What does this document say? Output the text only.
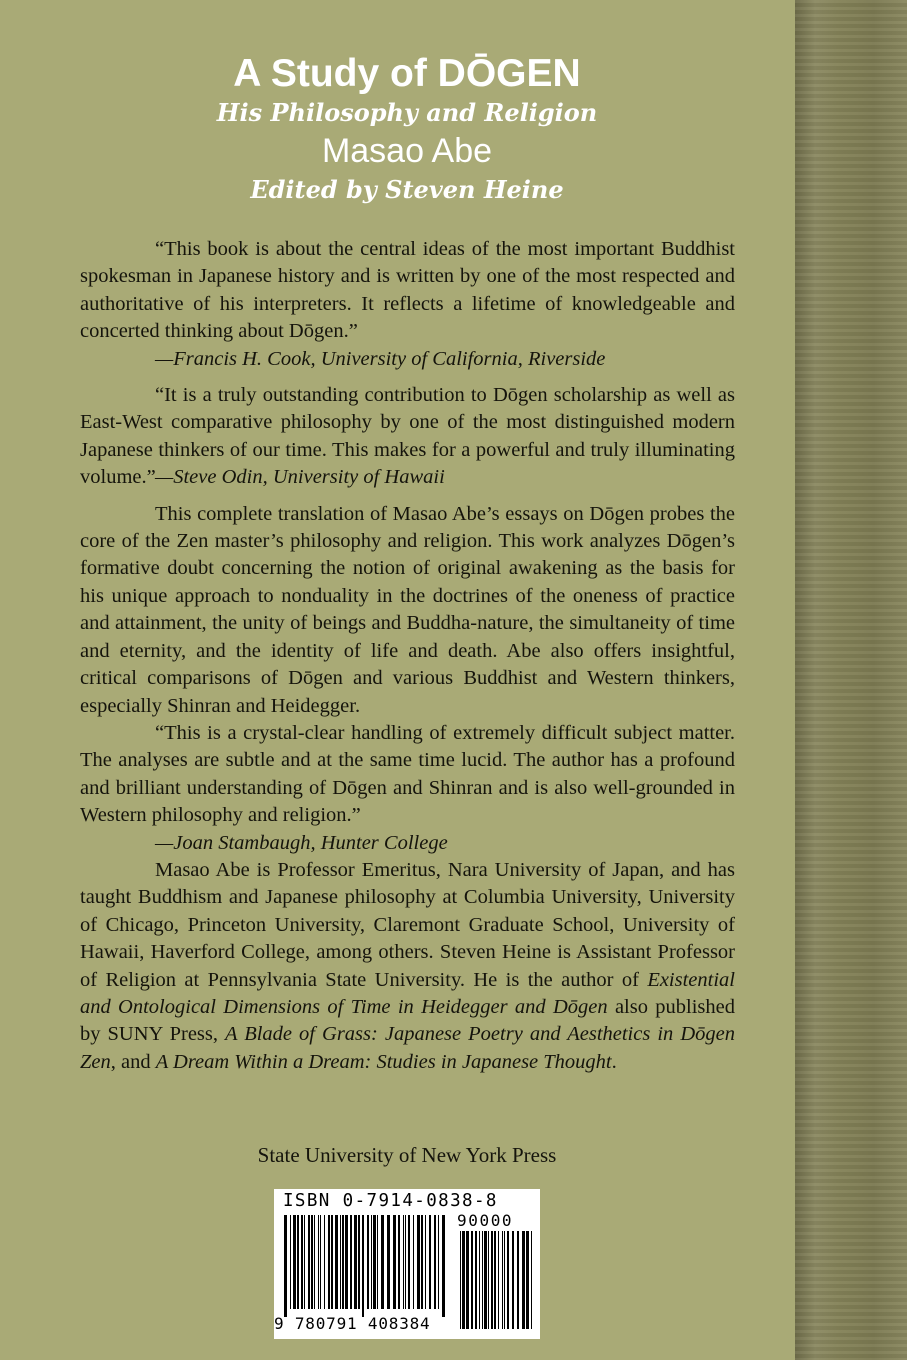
A Study of DŌGEN
His Philosophy and Religion
Masao Abe
Edited by Steven Heine

“This book is about the central ideas of the most important Buddhist spokesman in Japanese history and is written by one of the most respected and authoritative of his interpreters. It reflects a lifetime of knowledgeable and concerted thinking about Dōgen.”

—Francis H. Cook, University of California, Riverside

“It is a truly outstanding contribution to Dōgen scholarship as well as East-West comparative philosophy by one of the most distinguished modern Japanese thinkers of our time. This makes for a powerful and truly illuminating volume.” —Steve Odin, University of Hawaii

This complete translation of Masao Abe’s essays on Dōgen probes the core of the Zen master’s philosophy and religion. This work analyzes Dōgen’s formative doubt concerning the notion of original awakening as the basis for his unique approach to nonduality in the doctrines of the oneness of practice and attainment, the unity of beings and Buddha-nature, the simultaneity of time and eternity, and the identity of life and death. Abe also offers insightful, critical comparisons of Dōgen and various Buddhist and Western thinkers, especially Shinran and Heidegger.

“This is a crystal-clear handling of extremely difficult subject matter. The analyses are subtle and at the same time lucid. The author has a profound and brilliant understanding of Dōgen and Shinran and is also well-grounded in Western philosophy and religion.”

—Joan Stambaugh, Hunter College

Masao Abe is Professor Emeritus, Nara University of Japan, and has taught Buddhism and Japanese philosophy at Columbia University, University of Chicago, Princeton University, Claremont Graduate School, University of Hawaii, Haverford College, among others. Steven Heine is Assistant Professor of Religion at Pennsylvania State University. He is the author of Existential and Ontological Dimensions of Time in Heidegger and Dōgen also published by SUNY Press, A Blade of Grass: Japanese Poetry and Aesthetics in Dōgen Zen, and A Dream Within a Dream: Studies in Japanese Thought.

State University of New York Press
ISBN 0-7914-0838-8
90000
9 780791 408384
